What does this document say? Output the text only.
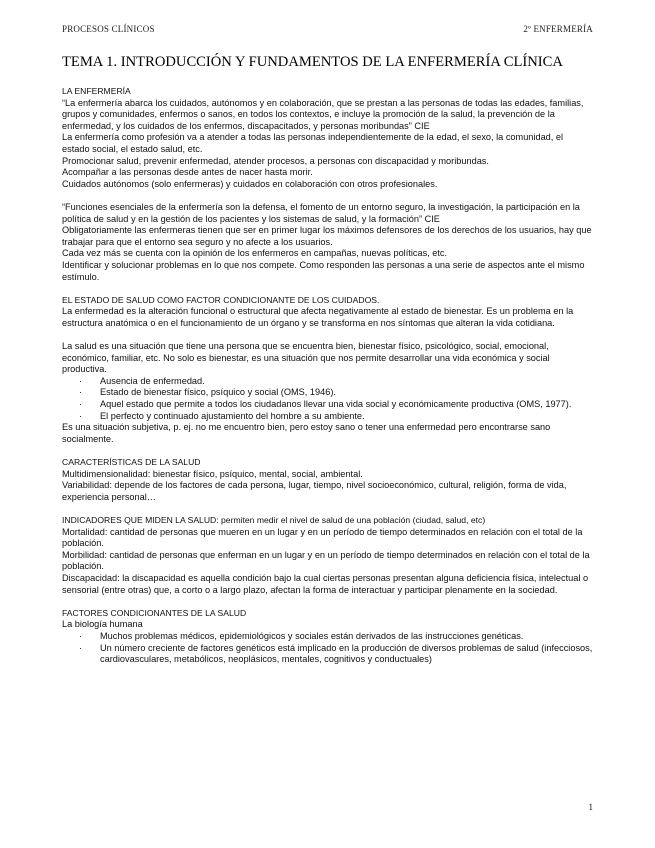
PROCESOS CLÍNICOS	2º ENFERMERÍA
TEMA 1. INTRODUCCIÓN Y FUNDAMENTOS DE LA ENFERMERÍA CLÍNICA

LA ENFERMERÍA

“La enfermería abarca los cuidados, autónomos y en colaboración, que se prestan a las personas de todas las edades, familias, grupos y comunidades, enfermos o sanos, en todos los contextos, e incluye la promoción de la salud, la prevención de la enfermedad, y los cuidados de los enfermos, discapacitados, y personas moribundas” CIE

La enfermería como profesión va a atender a todas las personas independientemente de la edad, el sexo, la comunidad, el estado social, el estado salud, etc.

Promocionar salud, prevenir enfermedad, atender procesos, a personas con discapacidad y moribundas.

Acompañar a las personas desde antes de nacer hasta morir.

Cuidados autónomos (solo enfermeras) y cuidados en colaboración con otros profesionales.

“Funciones esenciales de la enfermería son la defensa, el fomento de un entorno seguro, la investigación, la participación en la política de salud y en la gestión de los pacientes y los sistemas de salud, y la formación” CIE

Obligatoriamente las enfermeras tienen que ser en primer lugar los máximos defensores de los derechos de los usuarios, hay que trabajar para que el entorno sea seguro y no afecte a los usuarios.

Cada vez más se cuenta con la opinión de los enfermeros en campañas, nuevas políticas, etc.

Identificar y solucionar problemas en lo que nos compete. Como responden las personas a una serie de aspectos ante el mismo estímulo.

EL ESTADO DE SALUD COMO FACTOR CONDICIONANTE DE LOS CUIDADOS.

La enfermedad es la alteración funcional o estructural que afecta negativamente al estado de bienestar. Es un problema en la estructura anatómica o en el funcionamiento de un órgano y se transforma en nos síntomas que alteran la vida cotidiana.

La salud es una situación que tiene una persona que se encuentra bien, bienestar físico, psicológico, social, emocional, económico, familiar, etc. No solo es bienestar, es una situación que nos permite desarrollar una vida económica y social productiva.

· Ausencia de enfermedad.
· Estado de bienestar físico, psíquico y social (OMS, 1946).
· Aquel estado que permite a todos los ciudadanos llevar una vida social y económicamente productiva (OMS, 1977).
· El perfecto y continuado ajustamiento del hombre a su ambiente.

Es una situación subjetiva, p. ej. no me encuentro bien, pero estoy sano o tener una enfermedad pero encontrarse sano socialmente.

CARACTERÍSTICAS DE LA SALUD

Multidimensionalidad: bienestar físico, psíquico, mental, social, ambiental.

Variabilidad: depende de los factores de cada persona, lugar, tiempo, nivel socioeconómico, cultural, religión, forma de vida, experiencia personal…

INDICADORES QUE MIDEN LA SALUD: permiten medir el nivel de salud de una población (ciudad, salud, etc)

Mortalidad: cantidad de personas que mueren en un lugar y en un período de tiempo determinados en relación con el total de la población.

Morbilidad: cantidad de personas que enferman en un lugar y en un período de tiempo determinados en relación con el total de la población.

Discapacidad: la discapacidad es aquella condición bajo la cual ciertas personas presentan alguna deficiencia física, intelectual o sensorial (entre otras) que, a corto o a largo plazo, afectan la forma de interactuar y participar plenamente en la sociedad.

FACTORES CONDICIONANTES DE LA SALUD

La biología humana

· Muchos problemas médicos, epidemiológicos y sociales están derivados de las instrucciones genéticas.
· Un número creciente de factores genéticos está implicado en la producción de diversos problemas de salud (infecciosos, cardiovasculares, metabólicos, neoplásicos, mentales, cognitivos y conductuales)
1
